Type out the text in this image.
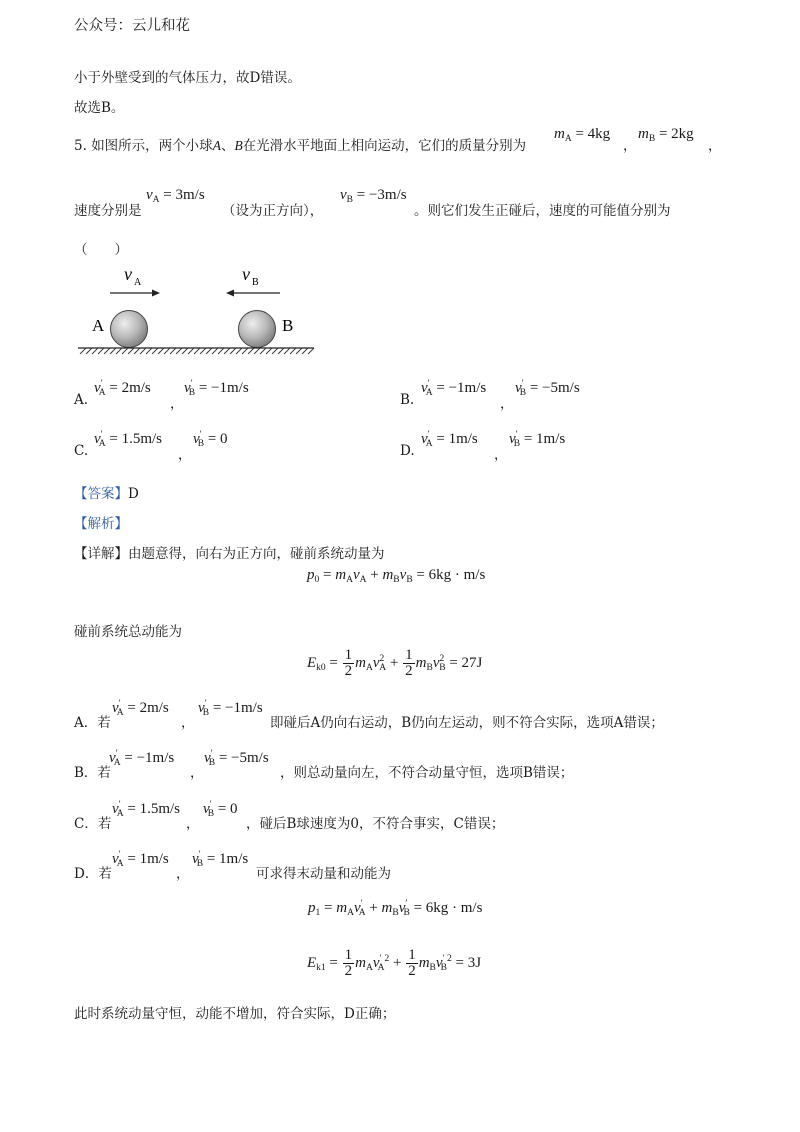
公众号：云儿和花
小于外壁受到的气体压力，故D错误。
故选B。
5. 如图所示，两个小球A、B在光滑水平地面上相向运动，它们的质量分别为
$m_A = 4kg$
，
$m_B = 2kg$
，
速度分别是
$v_A = 3m/s$
（设为正方向），
$v_B = -3m/s$
。则它们发生正碰后，速度的可能值分别为
（　　）
v A	v B
A	B
A.
$v'_A = 2m/s$
，
$v'_B = -1m/s$
B.
$v'_A = -1m/s$
，
$v'_B = -5m/s$
C.
$v'_A = 1.5m/s$
，
$v'_B = 0$
D.
$v'_A = 1m/s$
，
$v'_B = 1m/s$
【答案】D
【解析】
【详解】由题意得，向右为正方向，碰前系统动量为
$p_0 = m_Av_A + m_Bv_B = 6kg \cdot m/s$
碰前系统总动能为
$E_{k0} = \frac{1}{2} m_Av^2_A + \frac{1}{2} m_Bv^2_B = 27J$
A．若
$v'_A = 2m/s$
，
$v'_B = -1m/s$
即碰后A仍向右运动，B仍向左运动，则不符合实际，选项A错误；
B．若
$v'_A = -1m/s$
，
$v'_B = -5m/s$
，则总动量向左，不符合动量守恒，选项B错误；
C．若
$v'_A = 1.5m/s$
，
$v'_B = 0$
，碰后B球速度为0，不符合事实，C错误；
D．若
$v'_A = 1m/s$
，
$v'_B = 1m/s$
可求得末动量和动能为
$p_1 = m_Av'_A + m_Bv'_B = 6kg \cdot m/s$
$E_{k1} = \frac{1}{2} m_Av'_A^2 + \frac{1}{2} m_Bv'_B^2 = 3J$
此时系统动量守恒，动能不增加，符合实际，D正确；
